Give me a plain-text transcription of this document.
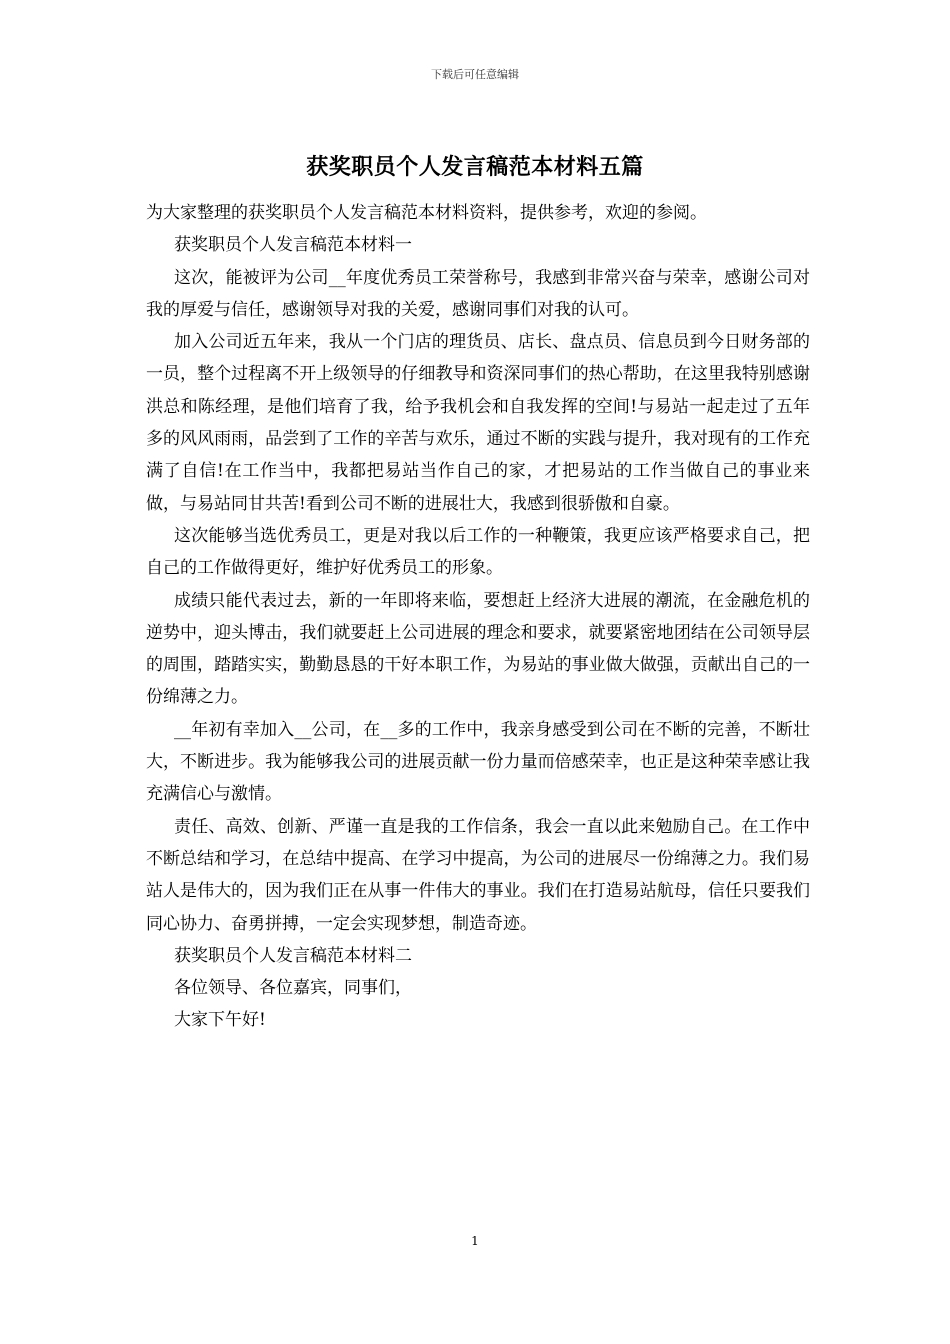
下载后可任意编辑
获奖职员个人发言稿范本材料五篇

为大家整理的获奖职员个人发言稿范本材料资料，提供参考，欢迎的参阅。

获奖职员个人发言稿范本材料一

这次，能被评为公司__年度优秀员工荣誉称号，我感到非常兴奋与荣幸，感谢公司对我的厚爱与信任，感谢领导对我的关爱，感谢同事们对我的认可。

加入公司近五年来，我从一个门店的理货员、店长、盘点员、信息员到今日财务部的一员，整个过程离不开上级领导的仔细教导和资深同事们的热心帮助，在这里我特别感谢洪总和陈经理，是他们培育了我，给予我机会和自我发挥的空间!与易站一起走过了五年多的风风雨雨，品尝到了工作的辛苦与欢乐，通过不断的实践与提升，我对现有的工作充满了自信!在工作当中，我都把易站当作自己的家，才把易站的工作当做自己的事业来做，与易站同甘共苦!看到公司不断的进展壮大，我感到很骄傲和自豪。

这次能够当选优秀员工，更是对我以后工作的一种鞭策，我更应该严格要求自己，把自己的工作做得更好，维护好优秀员工的形象。

成绩只能代表过去，新的一年即将来临，要想赶上经济大进展的潮流，在金融危机的逆势中，迎头博击，我们就要赶上公司进展的理念和要求，就要紧密地团结在公司领导层的周围，踏踏实实，勤勤恳恳的干好本职工作，为易站的事业做大做强，贡献出自己的一份绵薄之力。

__年初有幸加入__公司，在__多的工作中，我亲身感受到公司在不断的完善，不断壮大，不断进步。我为能够我公司的进展贡献一份力量而倍感荣幸，也正是这种荣幸感让我充满信心与激情。

责任、高效、创新、严谨一直是我的工作信条，我会一直以此来勉励自己。在工作中不断总结和学习，在总结中提高、在学习中提高，为公司的进展尽一份绵薄之力。我们易站人是伟大的，因为我们正在从事一件伟大的事业。我们在打造易站航母，信任只要我们同心协力、奋勇拼搏，一定会实现梦想，制造奇迹。

获奖职员个人发言稿范本材料二

各位领导、各位嘉宾，同事们，

大家下午好!

1
